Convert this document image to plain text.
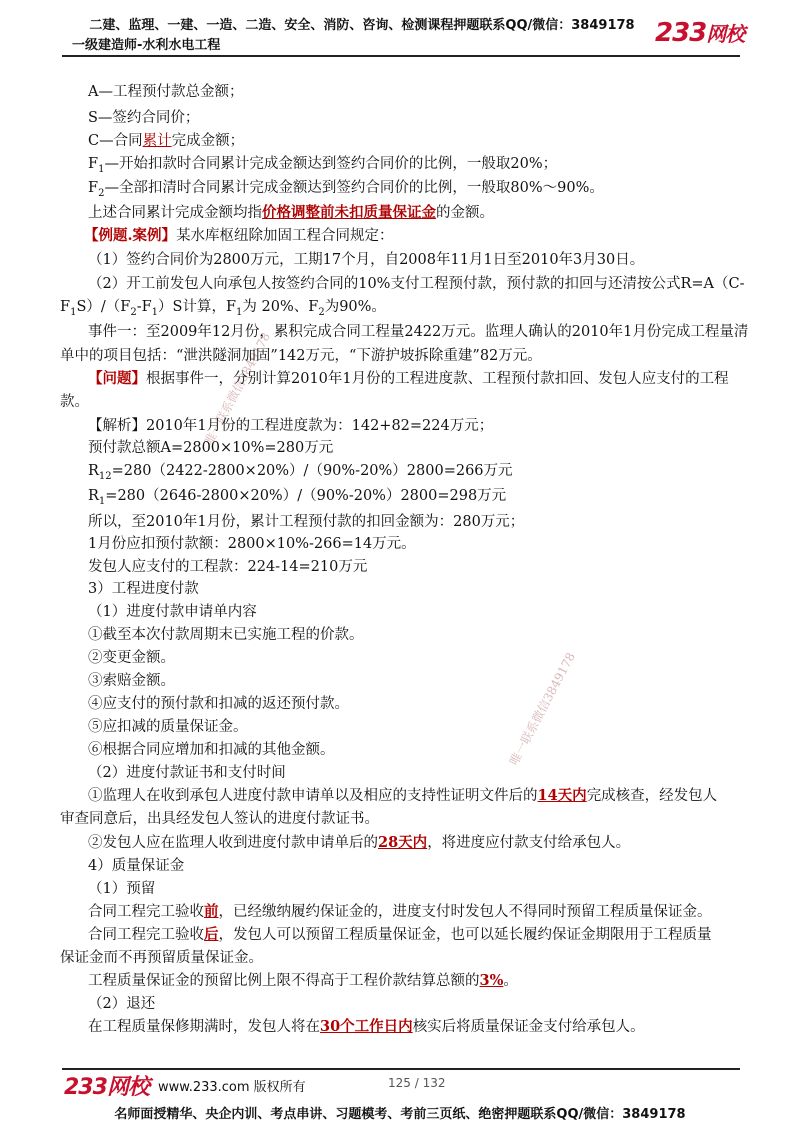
二建、监理、一建、一造、二造、安全、消防、咨询、检测课程押题联系QQ/微信：3849178
一级建造师-水利水电工程	233网校
唯一联系微信3849178
唯一联系微信3849178
A—工程预付款总金额；
S—签约合同价；
C—合同累计完成金额；
$F_1—$开始扣款时合同累计完成金额达到签约合同价的比例，一般取20%；
$F_2—$全部扣清时合同累计完成金额达到签约合同价的比例，一般取80%～90%。
上述合同累计完成金额均指价格调整前未扣质量保证金的金额。
【例题.案例】某水库枢纽除加固工程合同规定：
（1）签约合同价为2800万元，工期17个月，自2008年11月1日至2010年3月30日。
（2）开工前发包人向承包人按签约合同的10%支付工程预付款，预付款的扣回与还清按公式R=A（C-
$F_1S)/(F_2-F_1)S$计算，$F_1$为 20%、$F_2$为90%。
事件一：至2009年12月份，累积完成合同工程量2422万元。监理人确认的2010年1月份完成工程量清
单中的项目包括：“泄洪隧洞加固”142万元，“下游护坡拆除重建”82万元。
【问题】根据事件一，分别计算2010年1月份的工程进度款、工程预付款扣回、发包人应支付的工程
款。
【解析】2010年1月份的工程进度款为：142+82=224万元；
预付款总额A=2800×10%=280万元
$R_{12}=280(2422-2800\times 20\%)/(90\%-20\%)2800=266$万元
$R_1=280(2646-2800\times 20\%)/(90\%-20\%)2800=298$万元
所以，至2010年1月份，累计工程预付款的扣回金额为：280万元；
1月份应扣预付款额：2800×10%-266=14万元。
发包人应支付的工程款：224-14=210万元
3）工程进度付款
（1）进度付款申请单内容
①截至本次付款周期末已实施工程的价款。
②变更金额。
③索赔金额。
④应支付的预付款和扣减的返还预付款。
⑤应扣减的质量保证金。
⑥根据合同应增加和扣减的其他金额。
（2）进度付款证书和支付时间
①监理人在收到承包人进度付款申请单以及相应的支持性证明文件后的14天内完成核查，经发包人
审查同意后，出具经发包人签认的进度付款证书。
②发包人应在监理人收到进度付款申请单后的28天内，将进度应付款支付给承包人。
4）质量保证金
（1）预留
合同工程完工验收前，已经缴纳履约保证金的，进度支付时发包人不得同时预留工程质量保证金。
合同工程完工验收后，发包人可以预留工程质量保证金，也可以延长履约保证金期限用于工程质量
保证金而不再预留质量保证金。
工程质量保证金的预留比例上限不得高于工程价款结算总额的3%。
（2）退还
在工程质量保修期满时，发包人将在30个工作日内核实后将质量保证金支付给承包人。
233网校 www.233.com 版权所有	125 / 132
名师面授精华、央企内训、考点串讲、习题模考、考前三页纸、绝密押题联系QQ/微信：3849178
